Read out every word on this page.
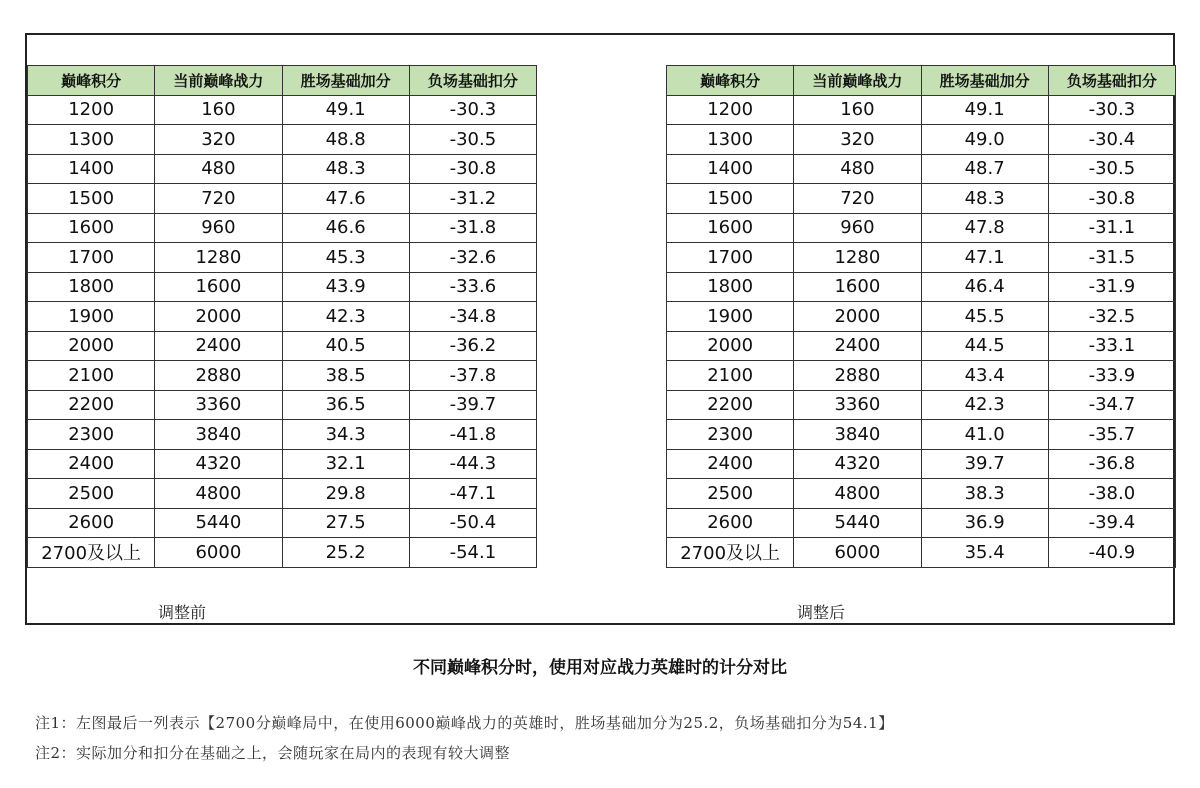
巅峰积分	当前巅峰战力	胜场基础加分	负场基础扣分
1200	160	49.1	-30.3
1300	320	48.8	-30.5
1400	480	48.3	-30.8
1500	720	47.6	-31.2
1600	960	46.6	-31.8
1700	1280	45.3	-32.6
1800	1600	43.9	-33.6
1900	2000	42.3	-34.8
2000	2400	40.5	-36.2
2100	2880	38.5	-37.8
2200	3360	36.5	-39.7
2300	3840	34.3	-41.8
2400	4320	32.1	-44.3
2500	4800	29.8	-47.1
2600	5440	27.5	-50.4
2700及以上	6000	25.2	-54.1
巅峰积分	当前巅峰战力	胜场基础加分	负场基础扣分
1200	160	49.1	-30.3
1300	320	49.0	-30.4
1400	480	48.7	-30.5
1500	720	48.3	-30.8
1600	960	47.8	-31.1
1700	1280	47.1	-31.5
1800	1600	46.4	-31.9
1900	2000	45.5	-32.5
2000	2400	44.5	-33.1
2100	2880	43.4	-33.9
2200	3360	42.3	-34.7
2300	3840	41.0	-35.7
2400	4320	39.7	-36.8
2500	4800	38.3	-38.0
2600	5440	36.9	-39.4
2700及以上	6000	35.4	-40.9
调整前	调整后
不同巅峰积分时，使用对应战力英雄时的计分对比
注1：左图最后一列表示【2700分巅峰局中，在使用6000巅峰战力的英雄时，胜场基础加分为25.2，负场基础扣分为54.1】
注2：实际加分和扣分在基础之上，会随玩家在局内的表现有较大调整
